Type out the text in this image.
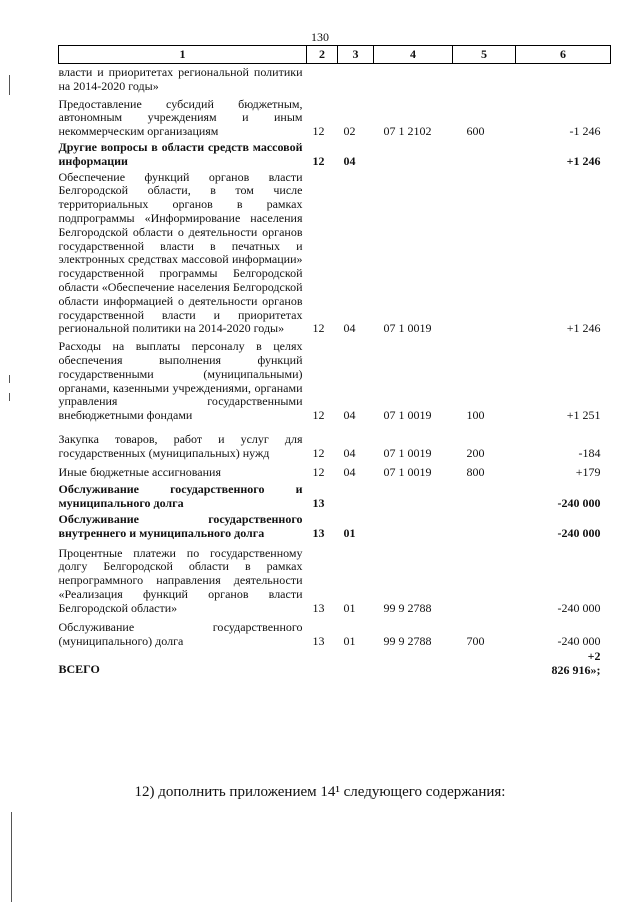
130
1	2	3	4	5	6
власти и приоритетах региональной политики на 2014-2020 годы»					
Предоставление субсидий бюджетным, автономным учреждениям и иным некоммерческим организациям	12	02	07 1 2102	600	-1 246
Другие вопросы в области средств массовой информации	12	04			+1 246
Обеспечение функций органов власти Белгородской области, в том числе территориальных органов в рамках подпрограммы «Информирование населения Белгородской области о деятельности органов государственной власти в печатных и электронных средствах массовой информации» государственной программы Белгородской области «Обеспечение населения Белгородской области информацией о деятельности органов государственной власти и приоритетах региональной политики на 2014-2020 годы»	12	04	07 1 0019		+1 246
Расходы на выплаты персоналу в целях обеспечения выполнения функций государственными (муниципальными) органами, казенными учреждениями, органами управления государственными внебюджетными фондами	12	04	07 1 0019	100	+1 251
Закупка товаров, работ и услуг для государственных (муниципальных) нужд	12	04	07 1 0019	200	-184
Иные бюджетные ассигнования	12	04	07 1 0019	800	+179
Обслуживание государственного и муниципального долга	13				-240 000
Обслуживание государственного внутреннего и муниципального долга	13	01			-240 000
Процентные платежи по государственному долгу Белгородской области в рамках непрограммного направления деятельности «Реализация функций органов власти Белгородской области»	13	01	99 9 2788		-240 000
Обслуживание государственного (муниципального) долга	13	01	99 9 2788	700	-240 000
ВСЕГО					+2
826 916»;
12) дополнить приложением 14¹ следующего содержания:
